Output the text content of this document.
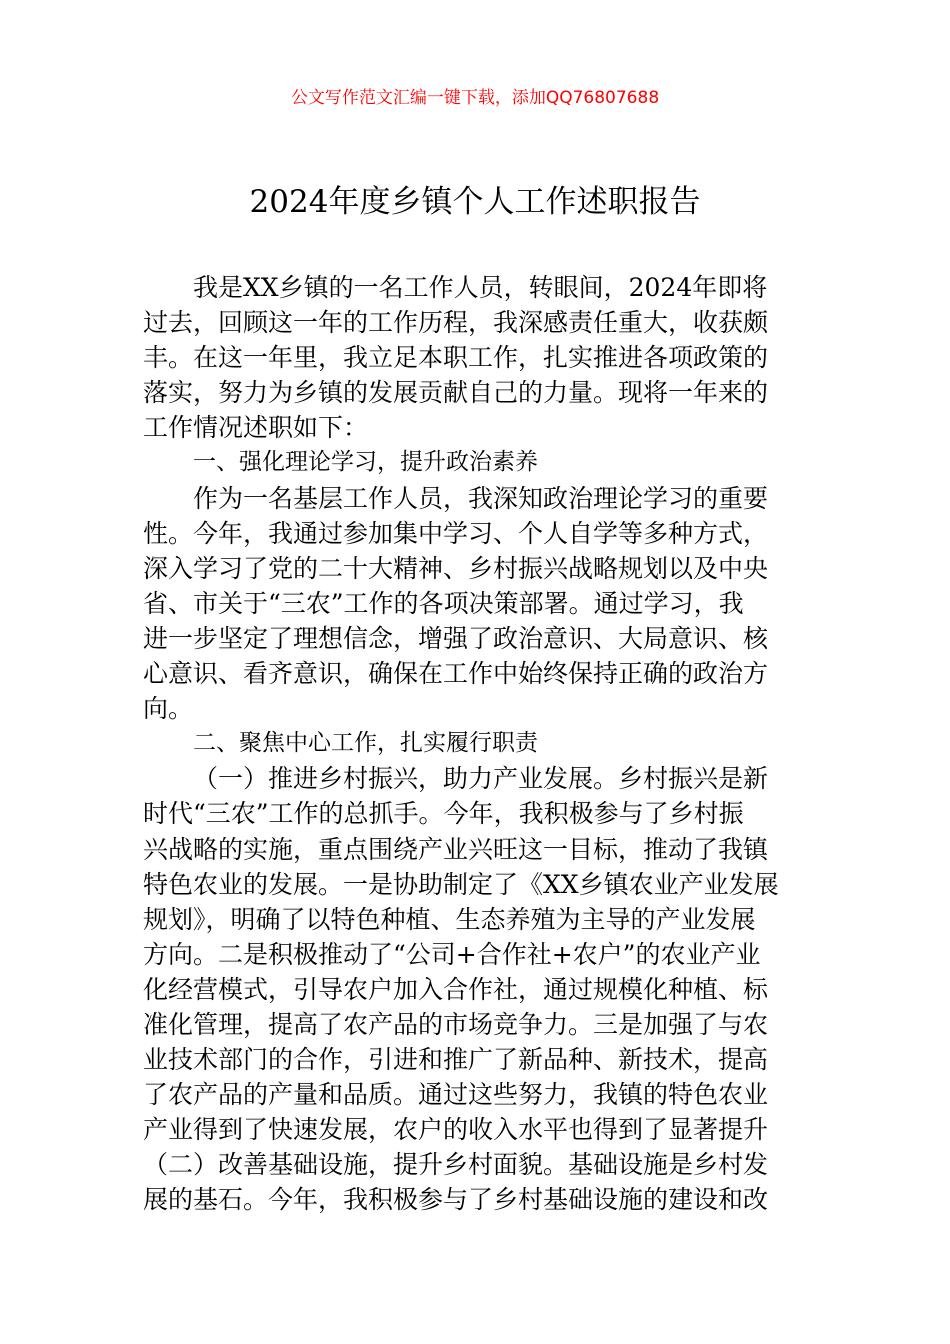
公文写作范文汇编一键下载，添加QQ76807688
2024年度乡镇个人工作述职报告
我是XX乡镇的一名工作人员，转眼间，2024年即将
过去，回顾这一年的工作历程，我深感责任重大，收获颇
丰。在这一年里，我立足本职工作，扎实推进各项政策的
落实，努力为乡镇的发展贡献自己的力量。现将一年来的
工作情况述职如下：
一、强化理论学习，提升政治素养
作为一名基层工作人员，我深知政治理论学习的重要
性。今年，我通过参加集中学习、个人自学等多种方式，
深入学习了党的二十大精神、乡村振兴战略规划以及中央
省、市关于“三农”工作的各项决策部署。通过学习，我
进一步坚定了理想信念，增强了政治意识、大局意识、核
心意识、看齐意识，确保在工作中始终保持正确的政治方
向。
二、聚焦中心工作，扎实履行职责
（一）推进乡村振兴，助力产业发展。乡村振兴是新
时代“三农”工作的总抓手。今年，我积极参与了乡村振
兴战略的实施，重点围绕产业兴旺这一目标，推动了我镇
特色农业的发展。一是协助制定了《XX乡镇农业产业发展
规划》，明确了以特色种植、生态养殖为主导的产业发展
方向。二是积极推动了“公司+合作社+农户”的农业产业
化经营模式，引导农户加入合作社，通过规模化种植、标
准化管理，提高了农产品的市场竞争力。三是加强了与农
业技术部门的合作，引进和推广了新品种、新技术，提高
了农产品的产量和品质。通过这些努力，我镇的特色农业
产业得到了快速发展，农户的收入水平也得到了显著提升
（二）改善基础设施，提升乡村面貌。基础设施是乡村发
展的基石。今年，我积极参与了乡村基础设施的建设和改
